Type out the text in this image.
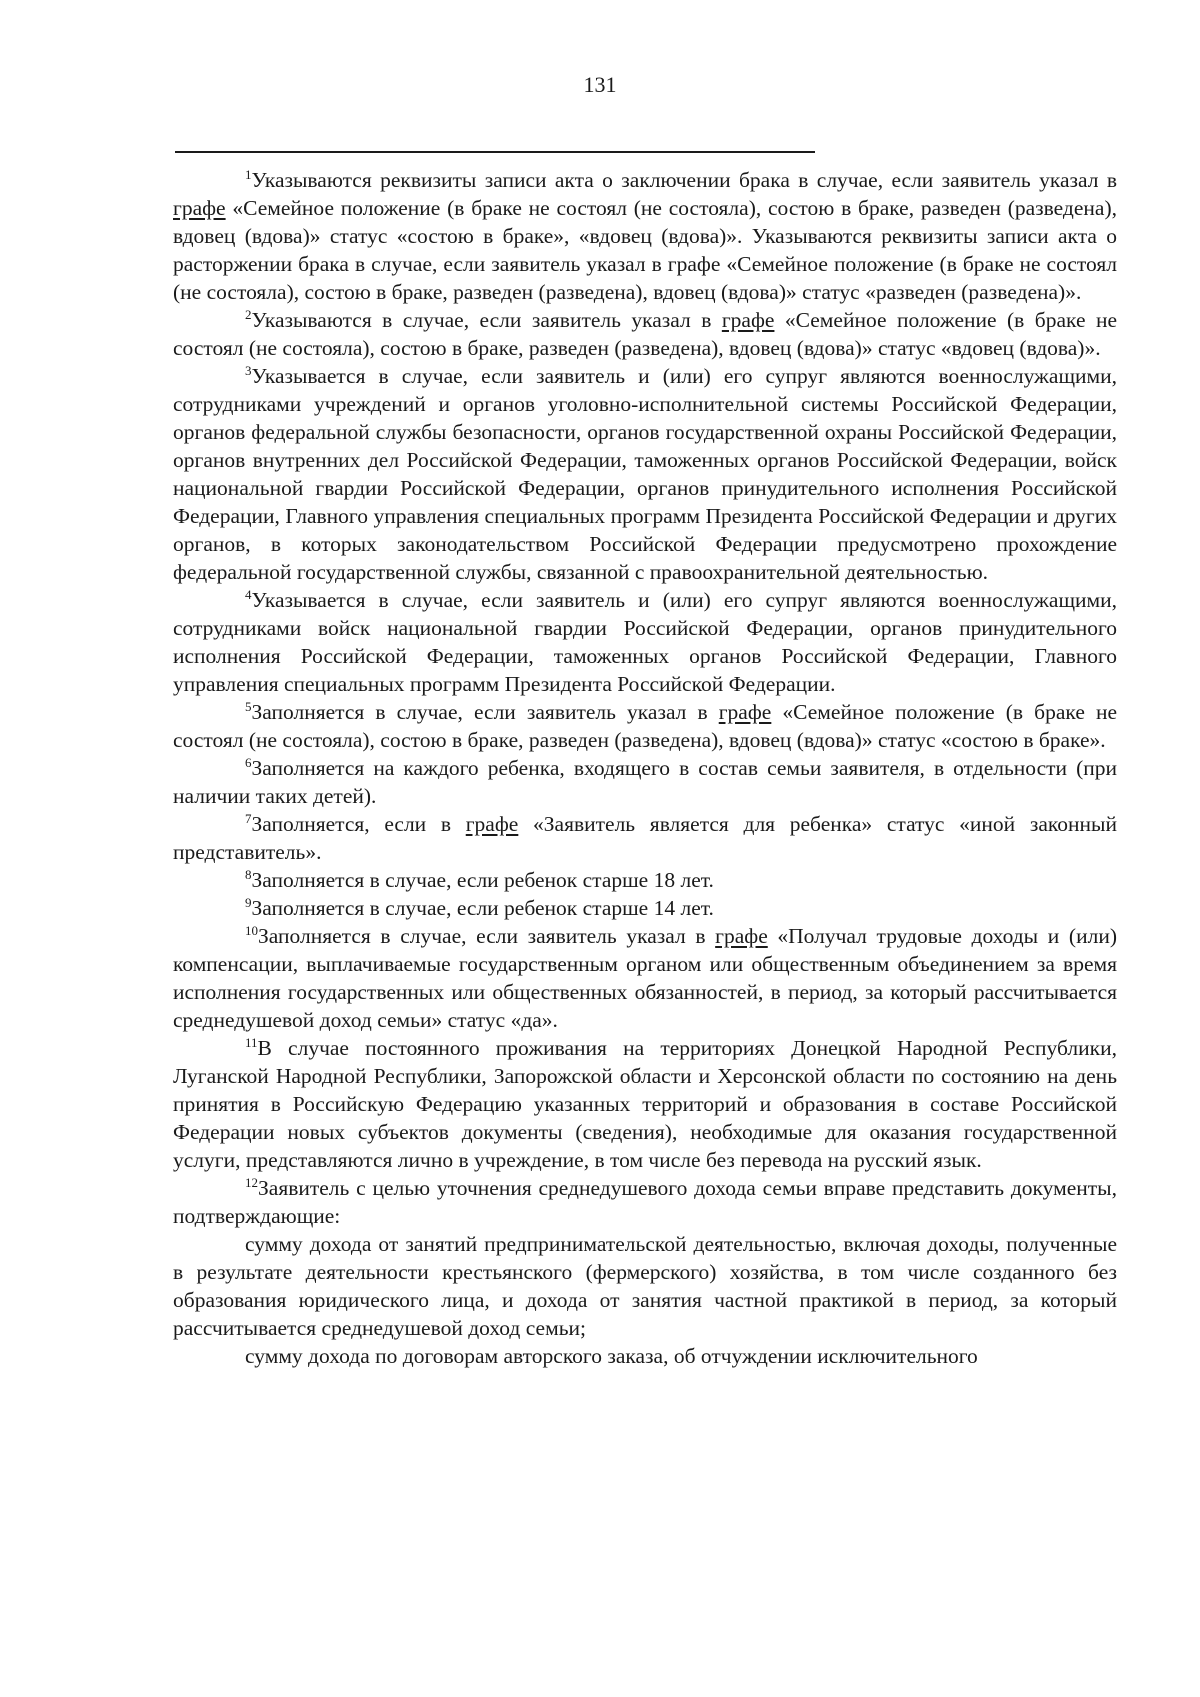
131

$^1$Указываются реквизиты записи акта о заключении брака в случае, если заявитель указал в графе «Семейное положение (в браке не состоял (не состояла), состою в браке, разведен (разведена), вдовец (вдова)» статус «состою в браке», «вдовец (вдова)». Указываются реквизиты записи акта о расторжении брака в случае, если заявитель указал в графе «Семейное положение (в браке не состоял (не состояла), состою в браке, разведен (разведена), вдовец (вдова)» статус «разведен (разведена)».

$^2$Указываются в случае, если заявитель указал в графе «Семейное положение (в браке не состоял (не состояла), состою в браке, разведен (разведена), вдовец (вдова)» статус «вдовец (вдова)».

$^3$Указывается в случае, если заявитель и (или) его супруг являются военнослужащими, сотрудниками учреждений и органов уголовно-исполнительной системы Российской Федерации, органов федеральной службы безопасности, органов государственной охраны Российской Федерации, органов внутренних дел Российской Федерации, таможенных органов Российской Федерации, войск национальной гвардии Российской Федерации, органов принудительного исполнения Российской Федерации, Главного управления специальных программ Президента Российской Федерации и других органов, в которых законодательством Российской Федерации предусмотрено прохождение федеральной государственной службы, связанной с правоохранительной деятельностью.

$^4$Указывается в случае, если заявитель и (или) его супруг являются военнослужащими, сотрудниками войск национальной гвардии Российской Федерации, органов принудительного исполнения Российской Федерации, таможенных органов Российской Федерации, Главного управления специальных программ Президента Российской Федерации.

$^5$Заполняется в случае, если заявитель указал в графе «Семейное положение (в браке не состоял (не состояла), состою в браке, разведен (разведена), вдовец (вдова)» статус «состою в браке».

$^6$Заполняется на каждого ребенка, входящего в состав семьи заявителя, в отдельности (при наличии таких детей).

$^7$Заполняется, если в графе «Заявитель является для ребенка» статус «иной законный представитель».

$^8$Заполняется в случае, если ребенок старше 18 лет.

$^9$Заполняется в случае, если ребенок старше 14 лет.

$^{10}$Заполняется в случае, если заявитель указал в графе «Получал трудовые доходы и (или) компенсации, выплачиваемые государственным органом или общественным объединением за время исполнения государственных или общественных обязанностей, в период, за который рассчитывается среднедушевой доход семьи» статус «да».

$^{11}$В случае постоянного проживания на территориях Донецкой Народной Республики, Луганской Народной Республики, Запорожской области и Херсонской области по состоянию на день принятия в Российскую Федерацию указанных территорий и образования в составе Российской Федерации новых субъектов документы (сведения), необходимые для оказания государственной услуги, представляются лично в учреждение, в том числе без перевода на русский язык.

$^{12}$Заявитель с целью уточнения среднедушевого дохода семьи вправе представить документы, подтверждающие:

сумму дохода от занятий предпринимательской деятельностью, включая доходы, полученные в результате деятельности крестьянского (фермерского) хозяйства, в том числе созданного без образования юридического лица, и дохода от занятия частной практикой в период, за который рассчитывается среднедушевой доход семьи;

сумму дохода по договорам авторского заказа, об отчуждении исключительного
